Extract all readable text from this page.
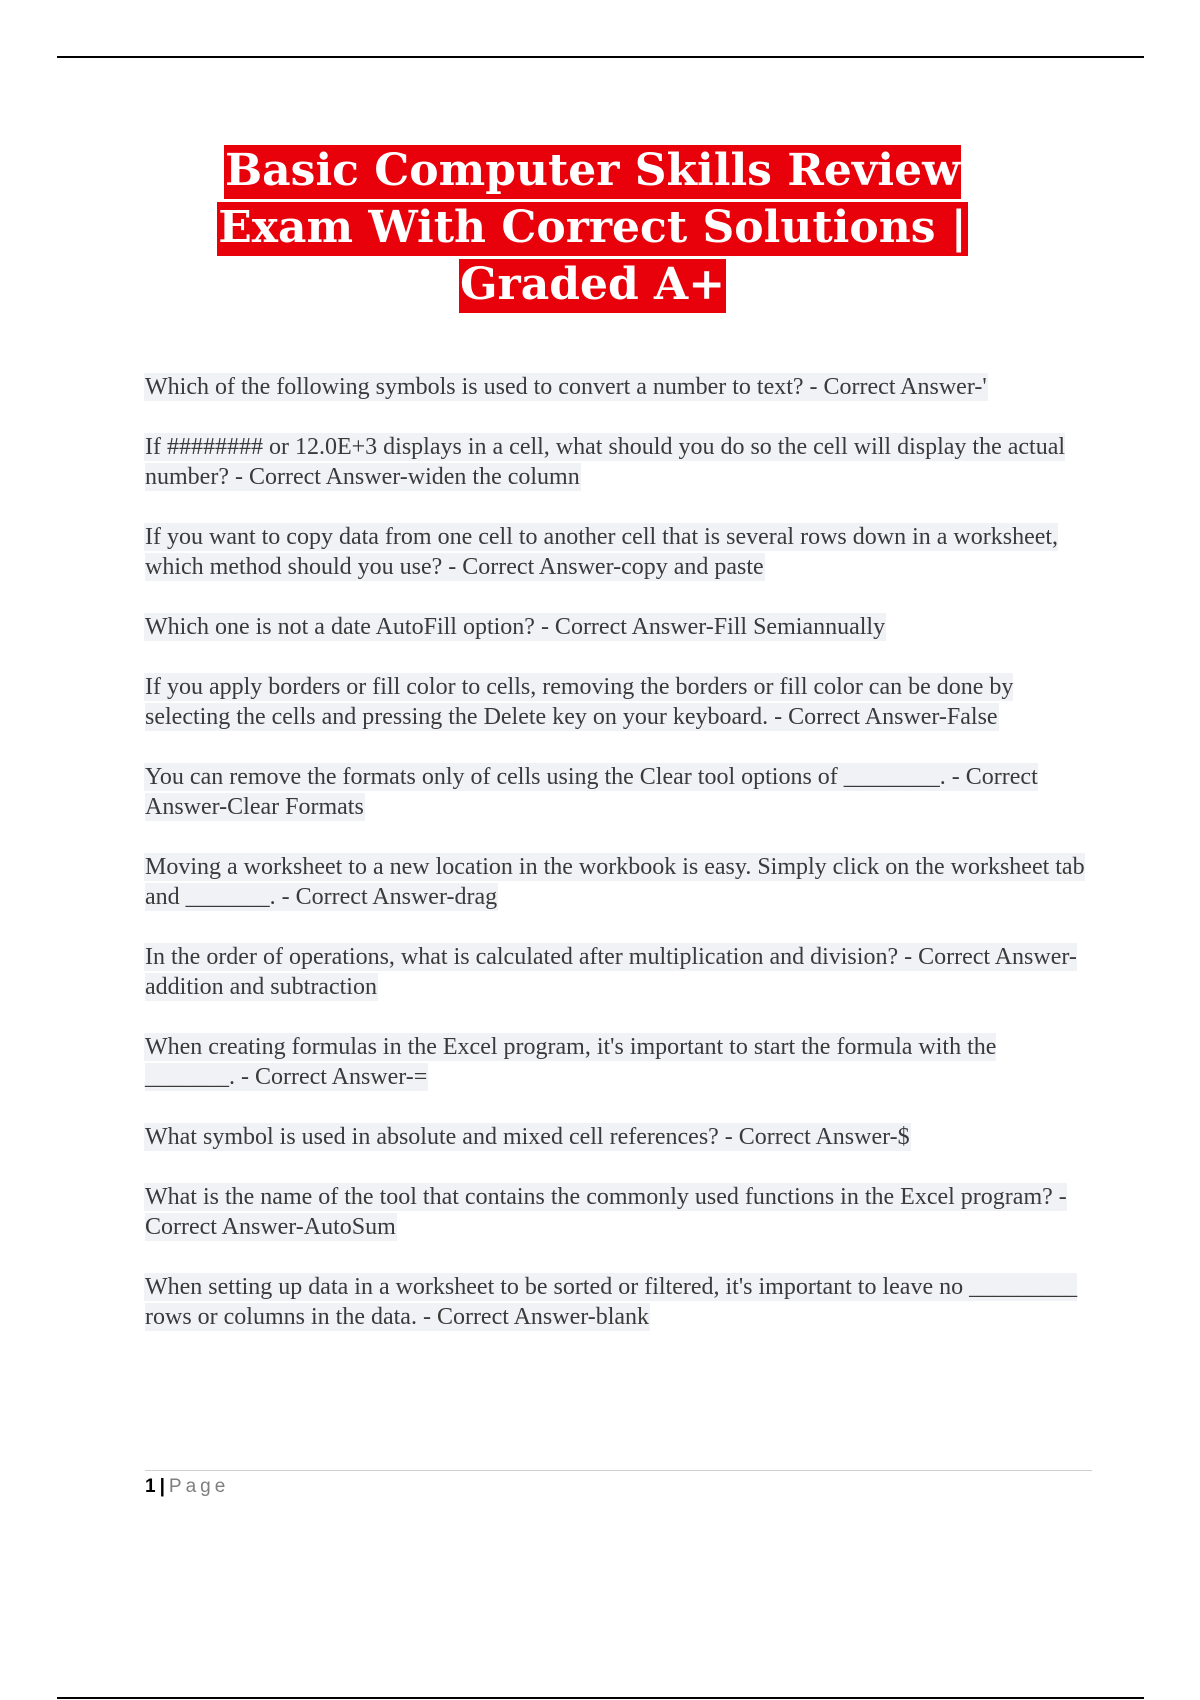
Basic Computer Skills Review
Exam With Correct Solutions |
Graded A+

Which of the following symbols is used to convert a number to text? - Correct Answer-'

If ######## or 12.0E+3 displays in a cell, what should you do so the cell will display the actual number? - Correct Answer-widen the column

If you want to copy data from one cell to another cell that is several rows down in a worksheet, which method should you use? - Correct Answer-copy and paste

Which one is not a date AutoFill option? - Correct Answer-Fill Semiannually

If you apply borders or fill color to cells, removing the borders or fill color can be done by selecting the cells and pressing the Delete key on your keyboard. - Correct Answer-False

You can remove the formats only of cells using the Clear tool options of ________. - Correct Answer-Clear Formats

Moving a worksheet to a new location in the workbook is easy. Simply click on the worksheet tab and _______. - Correct Answer-drag

In the order of operations, what is calculated after multiplication and division? - Correct Answer-addition and subtraction

When creating formulas in the Excel program, it's important to start the formula with the _______. - Correct Answer-=

What symbol is used in absolute and mixed cell references? - Correct Answer-$

What is the name of the tool that contains the commonly used functions in the Excel program? - Correct Answer-AutoSum

When setting up data in a worksheet to be sorted or filtered, it's important to leave no _________ rows or columns in the data. - Correct Answer-blank

1 | Page
